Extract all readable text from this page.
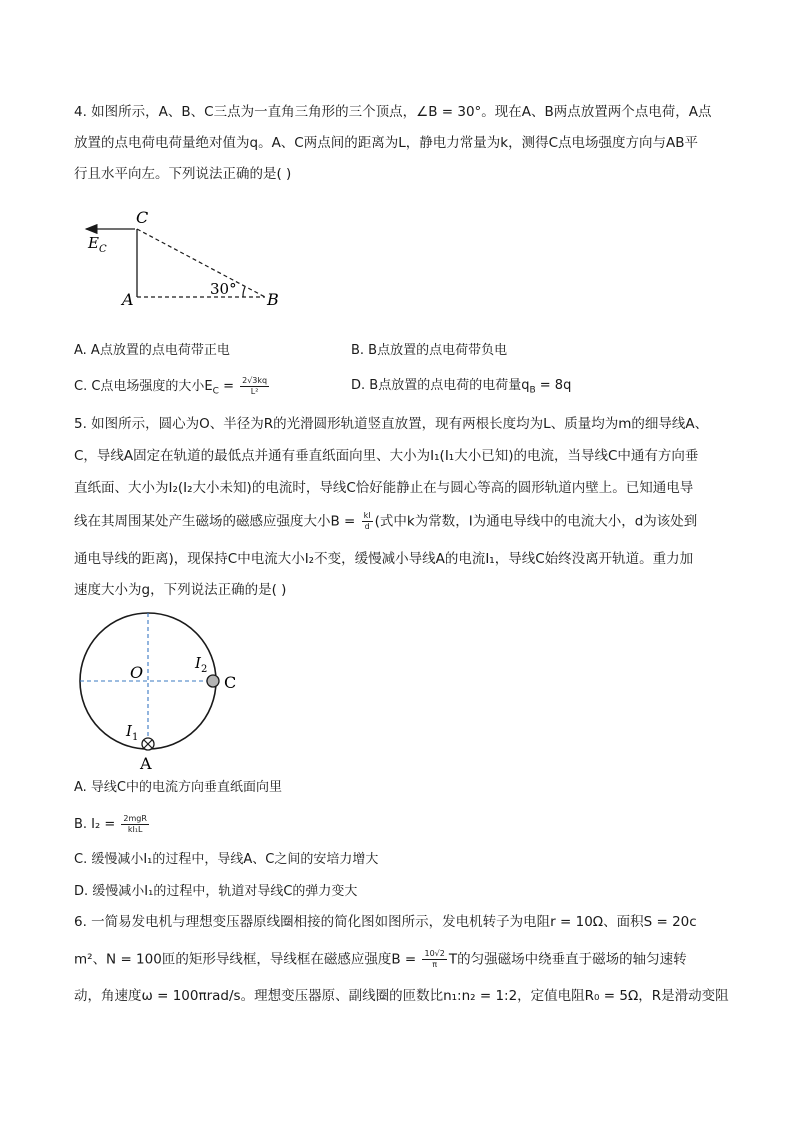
4. 如图所示，A、B、C三点为一直角三角形的三个顶点，∠B = 30°。现在A、B两点放置两个点电荷，A点
放置的点电荷电荷量绝对值为q。A、C两点间的距离为L，静电力常量为k，测得C点电场强度方向与AB平
行且水平向左。下列说法正确的是( )
E C
C
A	B
30°
A. A点放置的点电荷带正电	B. B点放置的点电荷带负电
C. C点电场强度的大小$E_C = \frac{2√3kq}{\text{L²}}$	D. B点放置的点电荷的电荷量$q_B = 8q$
5. 如图所示，圆心为O、半径为R的光滑圆形轨道竖直放置，现有两根长度均为L、质量均为m的细导线A、
C，导线A固定在轨道的最低点并通有垂直纸面向里、大小为I₁(I₁大小已知)的电流，当导线C中通有方向垂
直纸面、大小为I₂(I₂大小未知)的电流时，导线C恰好能静止在与圆心等高的圆形轨道内壁上。已知通电导
线在其周围某处产生磁场的磁感应强度大小$B = \frac{kI}{d}$ (式中k为常数，I为通电导线中的电流大小，d为该处到
通电导线的距离)，现保持C中电流大小I₂不变，缓慢减小导线A的电流I₁，导线C始终没离开轨道。重力加
速度大小为g，下列说法正确的是( )
O	I 2
C
I 1
A
A. 导线C中的电流方向垂直纸面向里
B. $I_2 = \frac{\text{2mgR}}{\text{kI₁L}}$
C. 缓慢减小I₁的过程中，导线A、C之间的安培力增大
D. 缓慢减小I₁的过程中，轨道对导线C的弹力变大
6. 一简易发电机与理想变压器原线圈相接的简化图如图所示，发电机转子为电阻r = 10Ω、面积S = 20c
m²、N = 100匝的矩形导线框，导线框在磁感应强度$B = \frac{10√2}{\pi}$ T的匀强磁场中绕垂直于磁场的轴匀速转
动，角速度ω = 100πrad/s。理想变压器原、副线圈的匝数比n₁:n₂ = 1:2，定值电阻R₀ = 5Ω，R是滑动变阻
